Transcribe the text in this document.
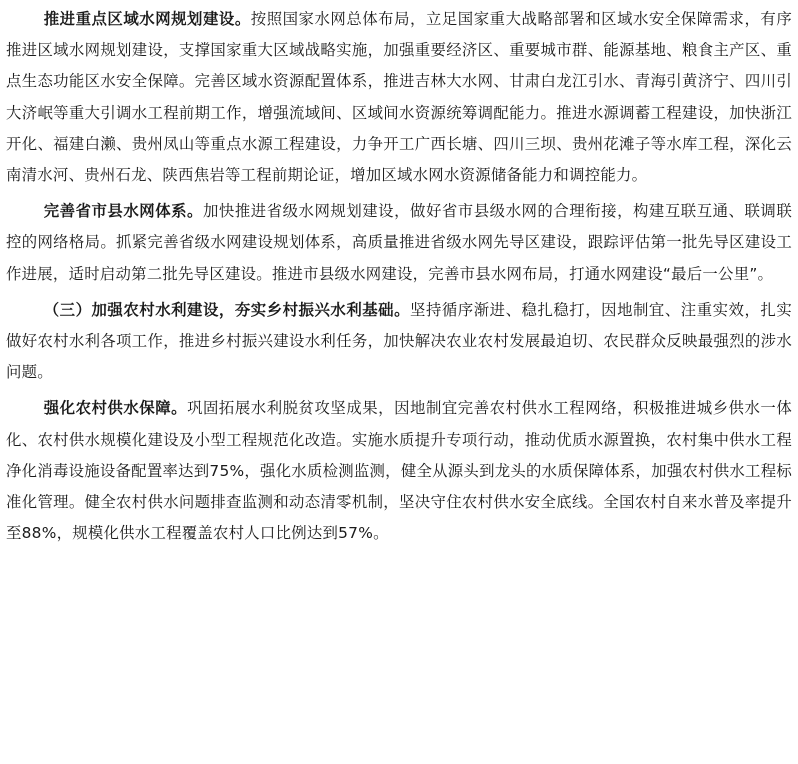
推进重点区域水网规划建设。按照国家水网总体布局，立足国家重大战略部署和区域水安全保障需求，有序推进区域水网规划建设，支撑国家重大区域战略实施，加强重要经济区、重要城市群、能源基地、粮食主产区、重点生态功能区水安全保障。完善区域水资源配置体系，推进吉林大水网、甘肃白龙江引水、青海引黄济宁、四川引大济岷等重大引调水工程前期工作，增强流域间、区域间水资源统筹调配能力。推进水源调蓄工程建设，加快浙江开化、福建白濑、贵州凤山等重点水源工程建设，力争开工广西长塘、四川三坝、贵州花滩子等水库工程，深化云南清水河、贵州石龙、陕西焦岩等工程前期论证，增加区域水网水资源储备能力和调控能力。

完善省市县水网体系。加快推进省级水网规划建设，做好省市县级水网的合理衔接，构建互联互通、联调联控的网络格局。抓紧完善省级水网建设规划体系，高质量推进省级水网先导区建设，跟踪评估第一批先导区建设工作进展，适时启动第二批先导区建设。推进市县级水网建设，完善市县水网布局，打通水网建设“最后一公里”。

（三）加强农村水利建设，夯实乡村振兴水利基础。坚持循序渐进、稳扎稳打，因地制宜、注重实效，扎实做好农村水利各项工作，推进乡村振兴建设水利任务，加快解决农业农村发展最迫切、农民群众反映最强烈的涉水问题。

强化农村供水保障。巩固拓展水利脱贫攻坚成果，因地制宜完善农村供水工程网络，积极推进城乡供水一体化、农村供水规模化建设及小型工程规范化改造。实施水质提升专项行动，推动优质水源置换，农村集中供水工程净化消毒设施设备配置率达到75%，强化水质检测监测，健全从源头到龙头的水质保障体系，加强农村供水工程标准化管理。健全农村供水问题排查监测和动态清零机制，坚决守住农村供水安全底线。全国农村自来水普及率提升至88%，规模化供水工程覆盖农村人口比例达到57%。
